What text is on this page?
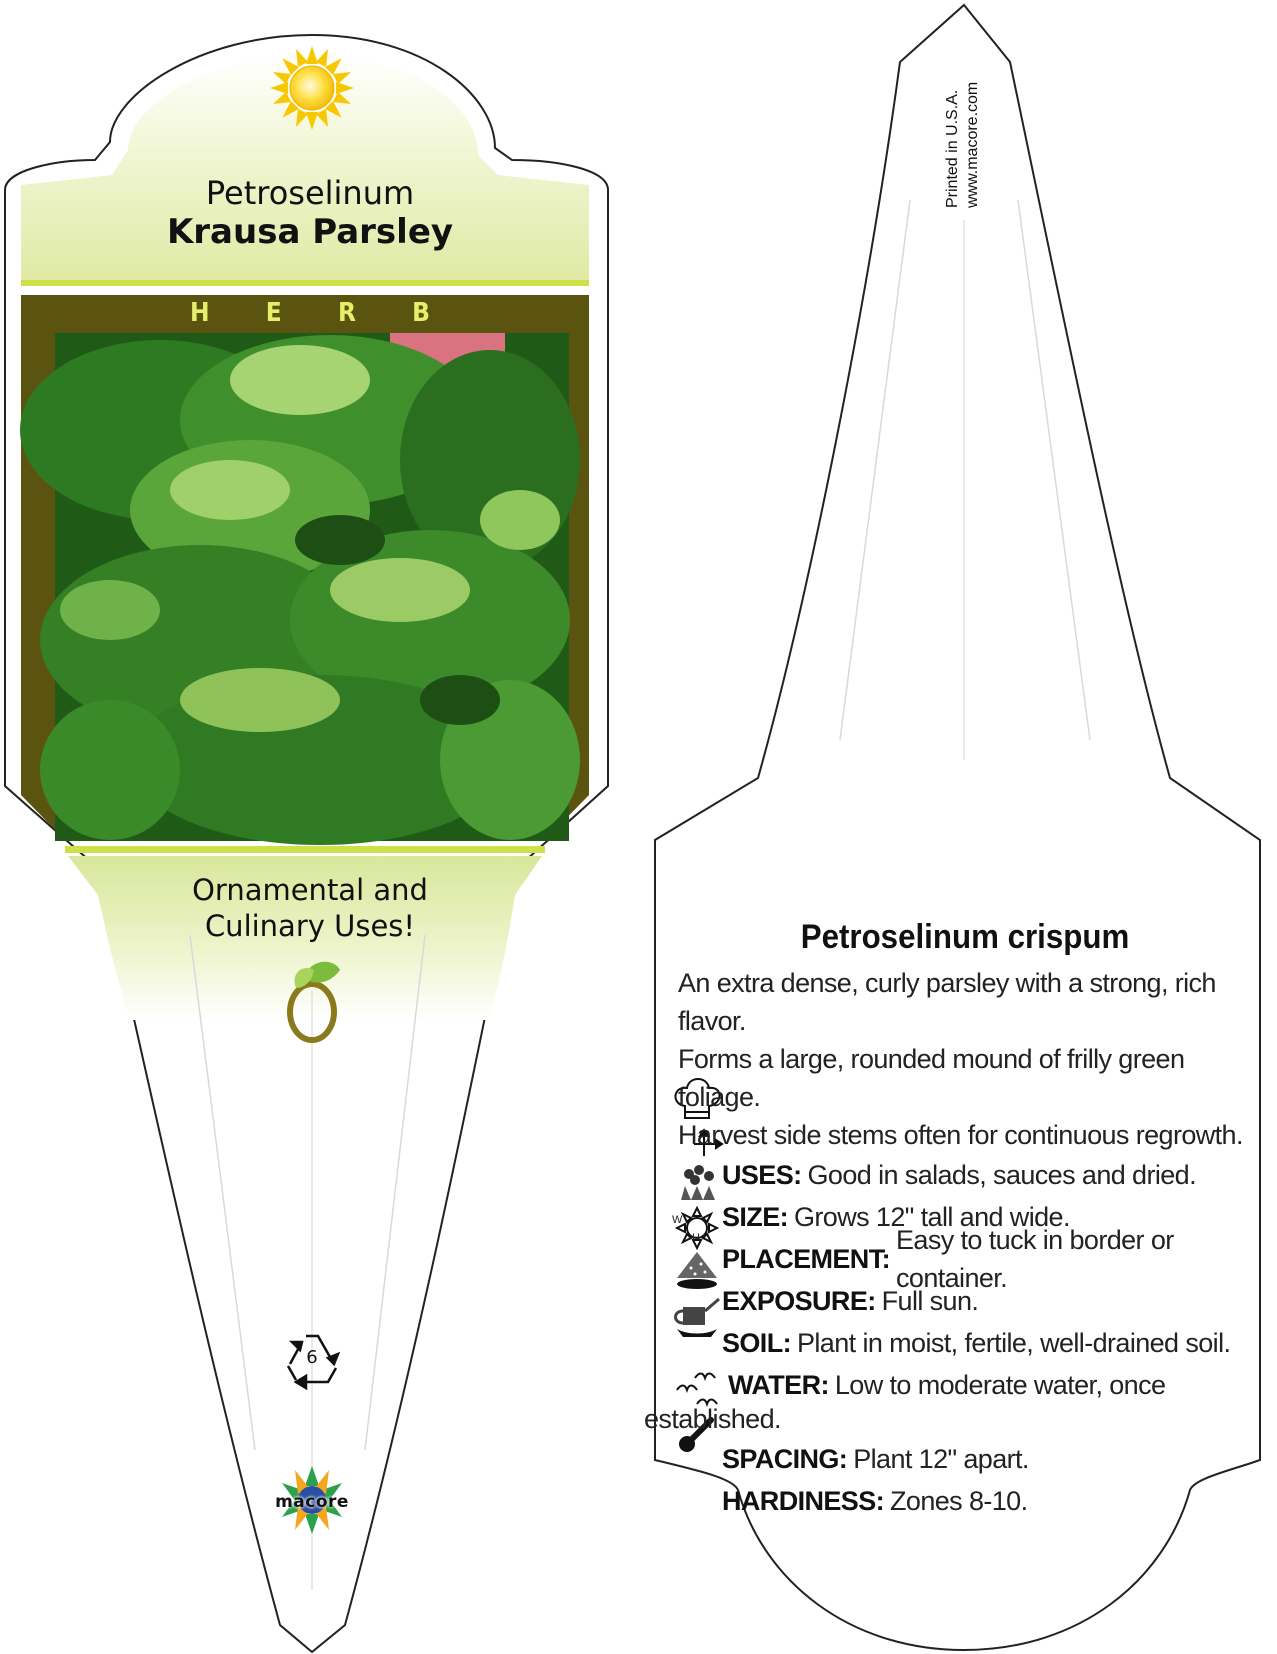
Petroselinum
Krausa Parsley
H E R B
Ornamental and
Culinary Uses!
6
macore
Printed in U.S.A. www.macore.com
Petroselinum crispum

An extra dense, curly parsley with a strong, rich flavor.

Forms a large, rounded mound of frilly green foliage.

Harvest side stems often for continuous regrowth.

USES: Good in salads, sauces and dried.
W
H
SIZE: Grows 12" tall and wide.
PLACEMENT:
Easy to tuck in border or container.
EXPOSURE: Full sun.
SOIL: Plant in moist, fertile, well-drained soil.
WATER: Low to moderate water, once

established.

SPACING: Plant 12" apart.
HARDINESS: Zones 8-10.
